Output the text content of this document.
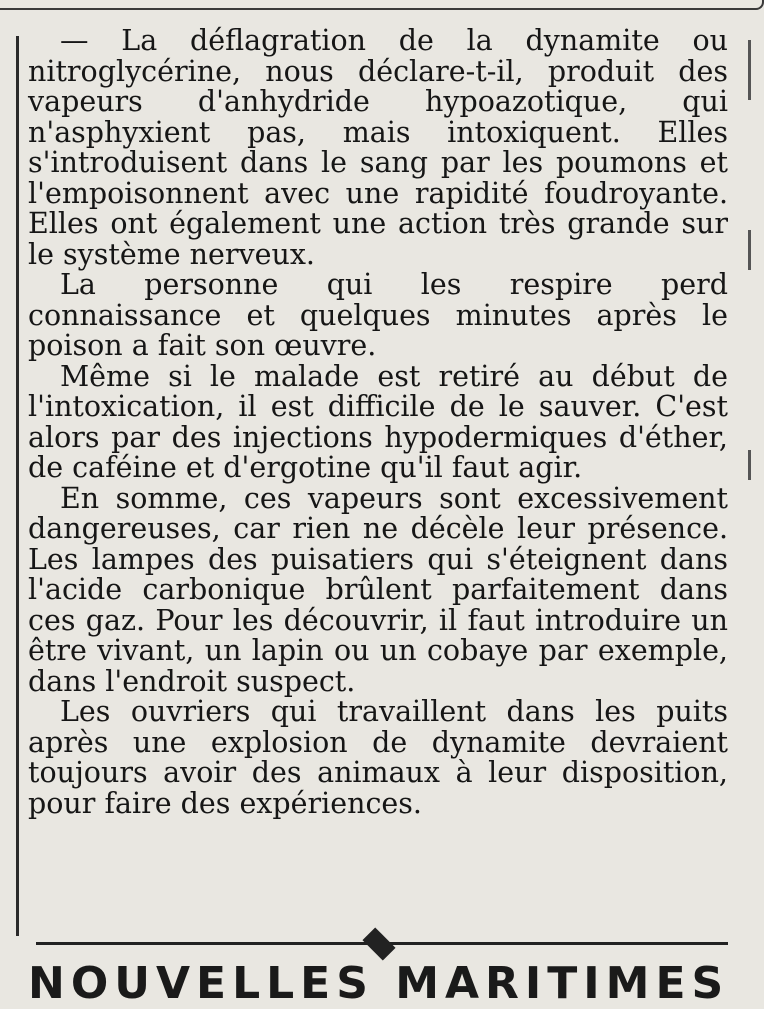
— La déflagration de la dynamite ou nitroglycérine, nous déclare-t-il, produit des vapeurs d'anhydride hypoazotique, qui n'asphyxient pas, mais intoxiquent. Elles s'introduisent dans le sang par les poumons et l'empoisonnent avec une rapidité foudroyante. Elles ont également une action très grande sur le système nerveux.

La personne qui les respire perd connaissance et quelques minutes après le poison a fait son œuvre.

Même si le malade est retiré au début de l'intoxication, il est difficile de le sauver. C'est alors par des injections hypodermiques d'éther, de caféine et d'ergotine qu'il faut agir.

En somme, ces vapeurs sont excessivement dangereuses, car rien ne décèle leur présence. Les lampes des puisatiers qui s'éteignent dans l'acide carbonique brûlent parfaitement dans ces gaz. Pour les découvrir, il faut introduire un être vivant, un lapin ou un cobaye par exemple, dans l'endroit suspect.

Les ouvriers qui travaillent dans les puits après une explosion de dynamite devraient toujours avoir des animaux à leur disposition, pour faire des expériences.

NOUVELLES MARITIMES
